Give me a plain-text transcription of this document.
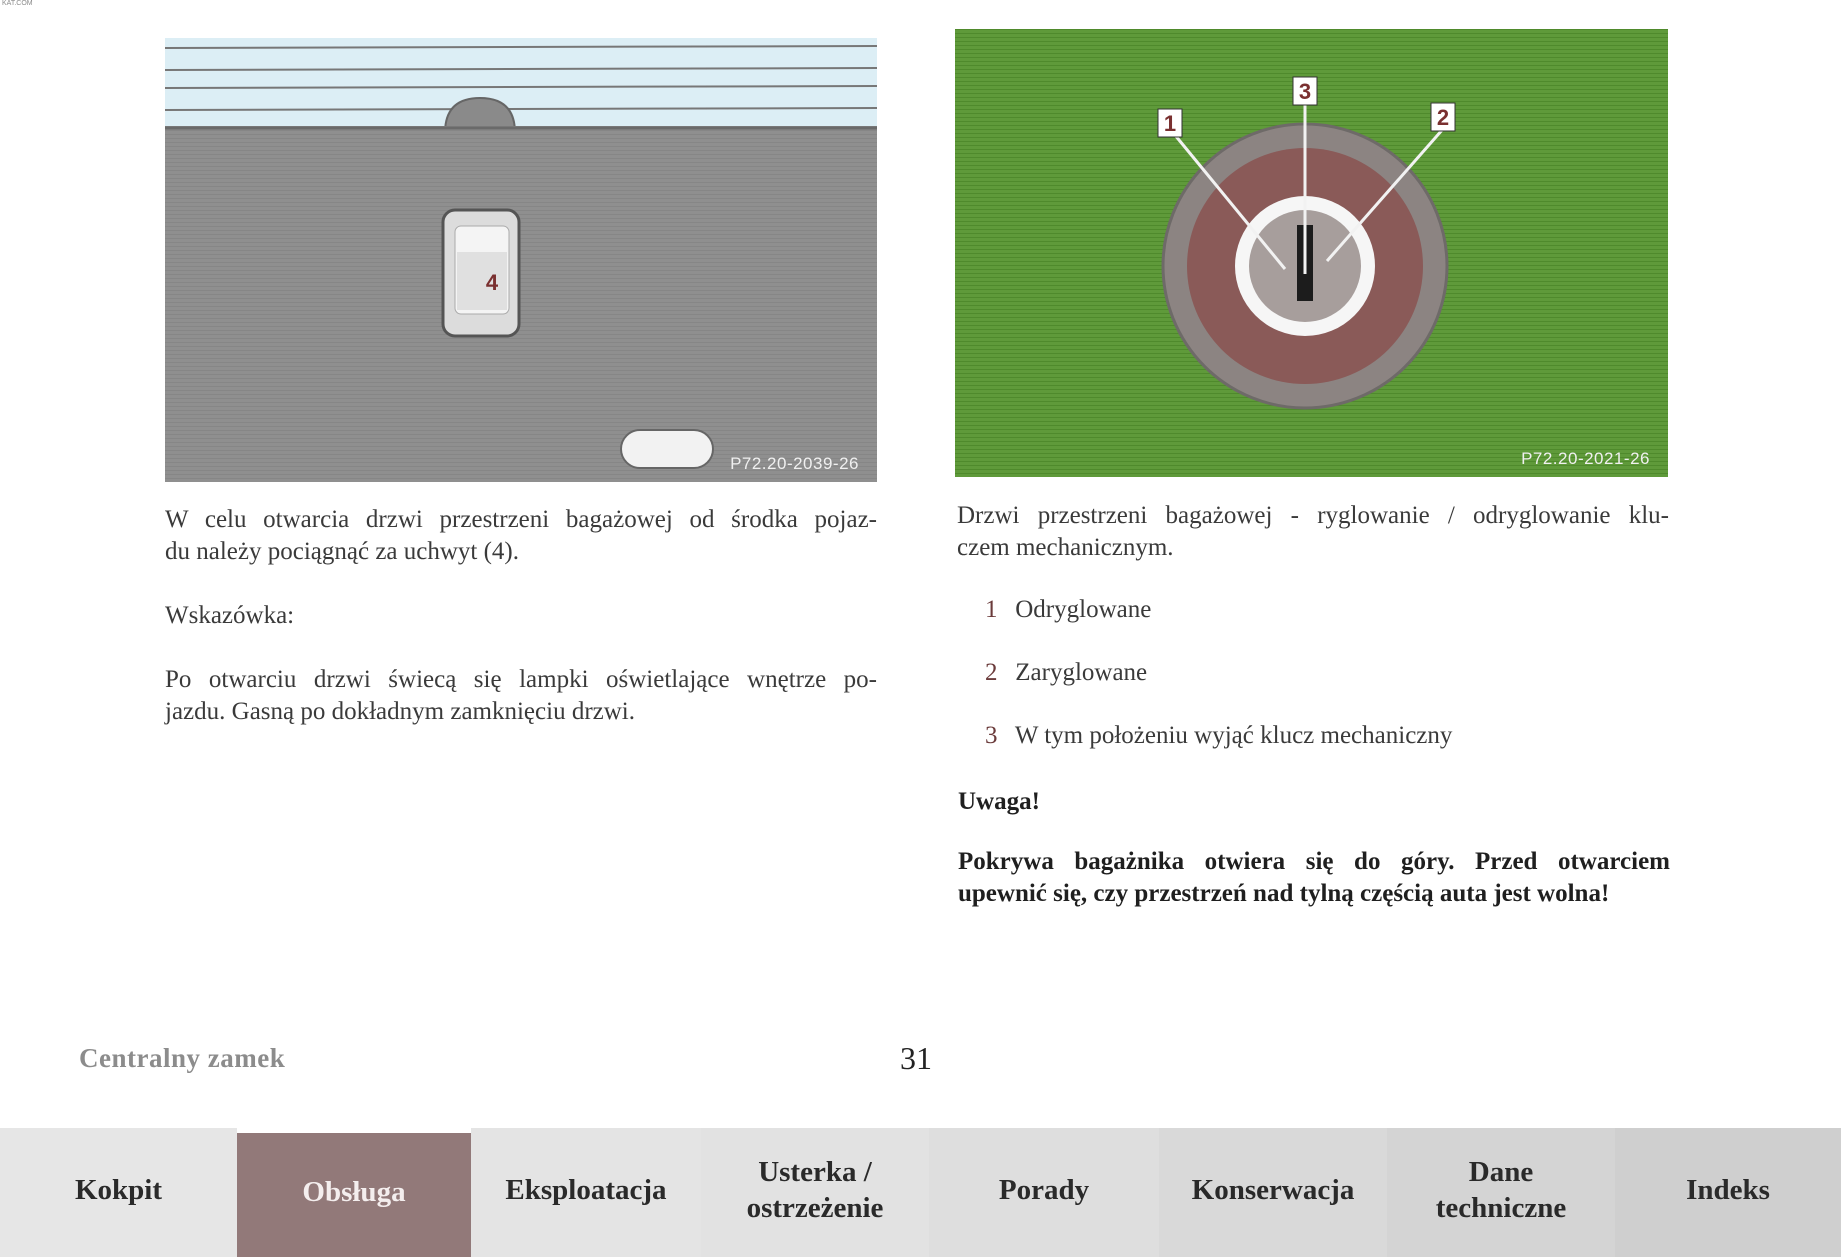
KAT.COM
4
P72.20-2039-26
1
3
2
P72.20-2021-26

W celu otwarcia drzwi przestrzeni bagażowej od środka pojaz-

du należy pociągnąć za uchwyt (4).

Wskazówka:

Po otwarciu drzwi świecą się lampki oświetlające wnętrze po-

jazdu. Gasną po dokładnym zamknięciu drzwi.

Drzwi przestrzeni bagażowej - ryglowanie / odryglowanie klu-

czem mechanicznym.

1 Odryglowane
2 Zaryglowane
3 W tym położeniu wyjąć klucz mechaniczny
Uwaga!

Pokrywa bagażnika otwiera się do góry. Przed otwarciem

upewnić się, czy przestrzeń nad tylną częścią auta jest wolna!

Centralny zamek	31
Kokpit	Obsługa	Eksploatacja
Usterka /
ostrzeżenie
Porady	Konserwacja
Dane
techniczne
Indeks
